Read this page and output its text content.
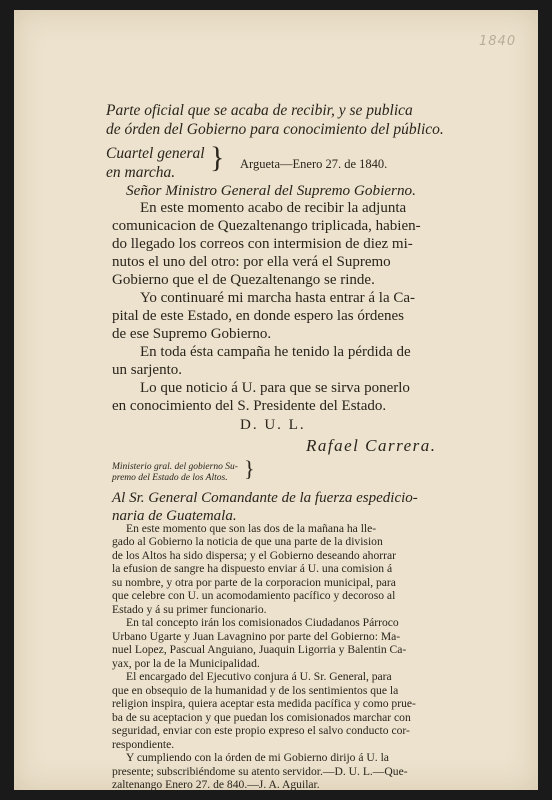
1840
Parte oficial que se acaba de recibir, y se publica
de órden del Gobierno para conocimiento del público.
Cuartel general
en marcha. } Argueta—Enero 27. de 1840.
Señor Ministro General del Supremo Gobierno.
En este momento acabo de recibir la adjunta
comunicacion de Quezaltenango triplicada, habien-
do llegado los correos con intermision de diez mi-
nutos el uno del otro: por ella verá el Supremo
Gobierno que el de Quezaltenango se rinde.
Yo continuaré mi marcha hasta entrar á la Ca-
pital de este Estado, en donde espero las órdenes
de ese Supremo Gobierno.
En toda ésta campaña he tenido la pérdida de
un sarjento.
Lo que noticio á U. para que se sirva ponerlo
en conocimiento del S. Presidente del Estado.
D. U. L.
Rafael Carrera.
Ministerio gral. del gobierno Su-
premo del Estado de los Altos. }
Al Sr. General Comandante de la fuerza espedicio-
naria de Guatemala.
En este momento que son las dos de la mañana ha lle-
gado al Gobierno la noticia de que una parte de la division
de los Altos ha sido dispersa; y el Gobierno deseando ahorrar
la efusion de sangre ha dispuesto enviar á U. una comision á
su nombre, y otra por parte de la corporacion municipal, para
que celebre con U. un acomodamiento pacífico y decoroso al
Estado y á su primer funcionario.
En tal concepto irán los comisionados Ciudadanos Párroco
Urbano Ugarte y Juan Lavagnino por parte del Gobierno: Ma-
nuel Lopez, Pascual Anguiano, Juaquin Ligorria y Balentin Ca-
yax, por la de la Municipalidad.
El encargado del Ejecutivo conjura á U. Sr. General, para
que en obsequio de la humanidad y de los sentimientos que la
religion inspira, quiera aceptar esta medida pacífica y como prue-
ba de su aceptacion y que puedan los comisionados marchar con
seguridad, enviar con este propio expreso el salvo conducto cor-
respondiente.
Y cumpliendo con la órden de mi Gobierno dirijo á U. la
presente; subscribiéndome su atento servidor.—D. U. L.—Que-
zaltenango Enero 27. de 840.—J. A. Aguilar.
